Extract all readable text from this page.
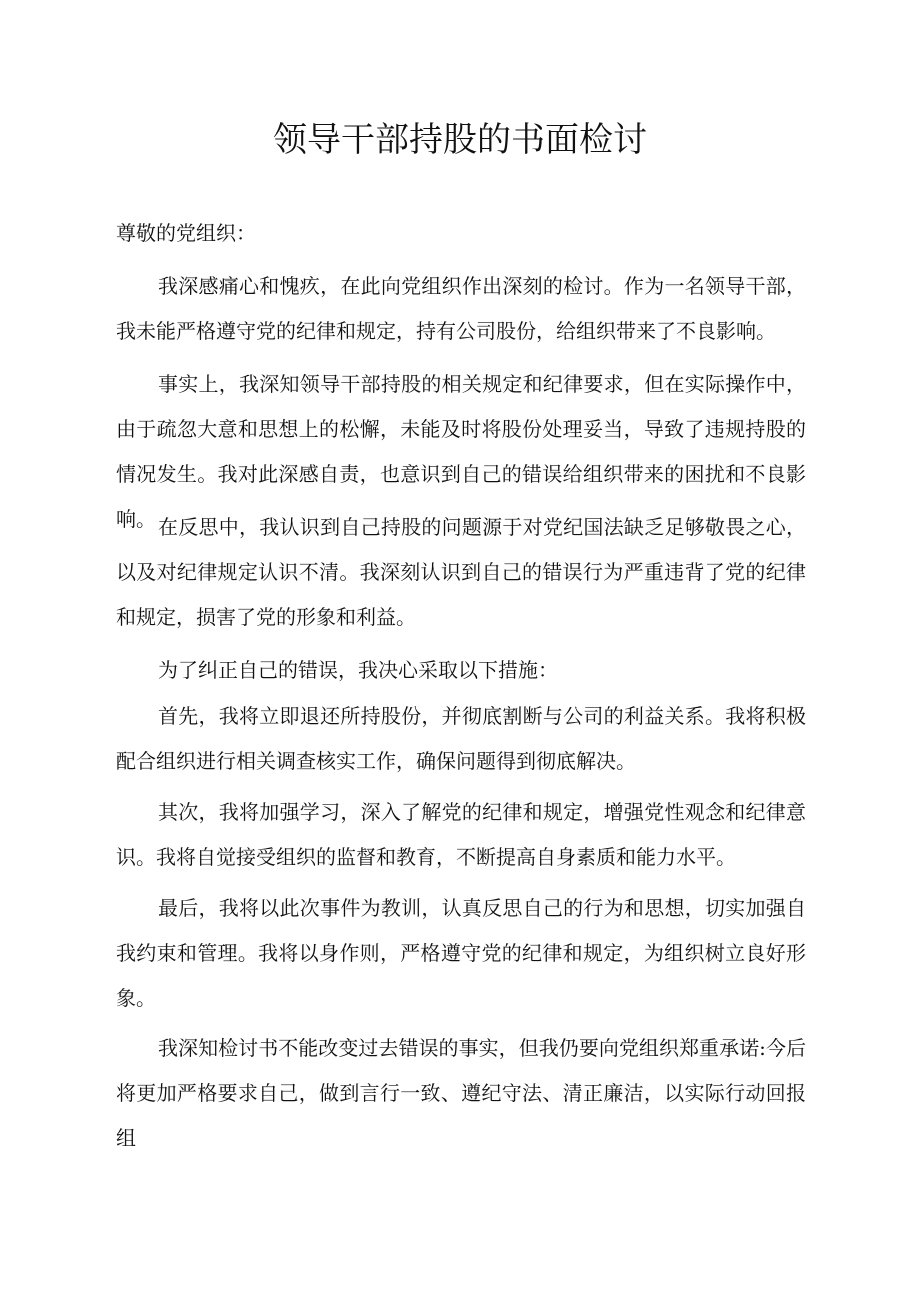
领导干部持股的书面检讨

尊敬的党组织：

我深感痛心和愧疚，在此向党组织作出深刻的检讨。作为一名领导干部，我未能严格遵守党的纪律和规定，持有公司股份，给组织带来了不良影响。

事实上，我深知领导干部持股的相关规定和纪律要求，但在实际操作中，由于疏忽大意和思想上的松懈，未能及时将股份处理妥当，导致了违规持股的情况发生。我对此深感自责，也意识到自己的错误给组织带来的困扰和不良影响。 在反思中，我认识到自己持股的问题源于对党纪国法缺乏足够敬畏之心，以及对纪律规定认识不清。我深刻认识到自己的错误行为严重违背了党的纪律和规定，损害了党的形象和利益。

为了纠正自己的错误，我决心采取以下措施：

首先，我将立即退还所持股份，并彻底割断与公司的利益关系。我将积极配合组织进行相关调查核实工作，确保问题得到彻底解决。

其次，我将加强学习，深入了解党的纪律和规定，增强党性观念和纪律意识。我将自觉接受组织的监督和教育，不断提高自身素质和能力水平。

最后，我将以此次事件为教训，认真反思自己的行为和思想，切实加强自我约束和管理。我将以身作则，严格遵守党的纪律和规定，为组织树立良好形象。

我深知检讨书不能改变过去错误的事实，但我仍要向党组织郑重承诺:今后将更加严格要求自己，做到言行一致、遵纪守法、清正廉洁，以实际行动回报组
